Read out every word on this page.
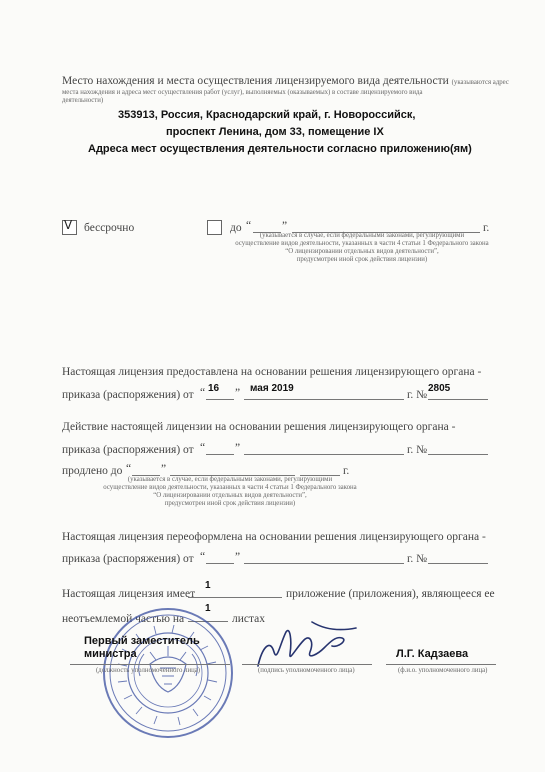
Место нахождения и места осуществления лицензируемого вида деятельности (указываются адрес
места нахождения и адреса мест осуществления работ (услуг), выполняемых (оказываемых) в составе лицензируемого вида
деятельности)
353913, Россия, Краснодарский край, г. Новороссийск,
проспект Ленина, дом 33, помещение IX
Адреса мест осуществления деятельности согласно приложению(ям)
V бессрочно	до “	”	г.
(указывается в случае, если федеральными законами, регулирующими
осуществление видов деятельности, указанных в части 4 статьи 1 Федерального закона
“О лицензировании отдельных видов деятельности”,
предусмотрен иной срок действия лицензии)
Настоящая лицензия предоставлена на основании решения лицензирующего органа -
приказа (распоряжения) от “ 16 ” мая 2019
г. №
2805
Действие настоящей лицензии на основании решения лицензирующего органа -
приказа (распоряжения) от “	”	г. №
продлено до “	”	г.
(указывается в случае, если федеральными законами, регулирующими
осуществление видов деятельности, указанных в части 4 статьи 1 Федерального закона
“О лицензировании отдельных видов деятельности”,
предусмотрен иной срок действия лицензии)
Настоящая лицензия переоформлена на основании решения лицензирующего органа -
приказа (распоряжения) от “	”	г. №
Настоящая лицензия имеет
1
приложение (приложения), являющееся ее
неотъемлемой частью на
1
листах
Первый заместитель
министра
(должность уполномоченного лица)	(подпись уполномоченного лица)
Л.Г. Кадзаева
(ф.и.о. уполномоченного лица)
